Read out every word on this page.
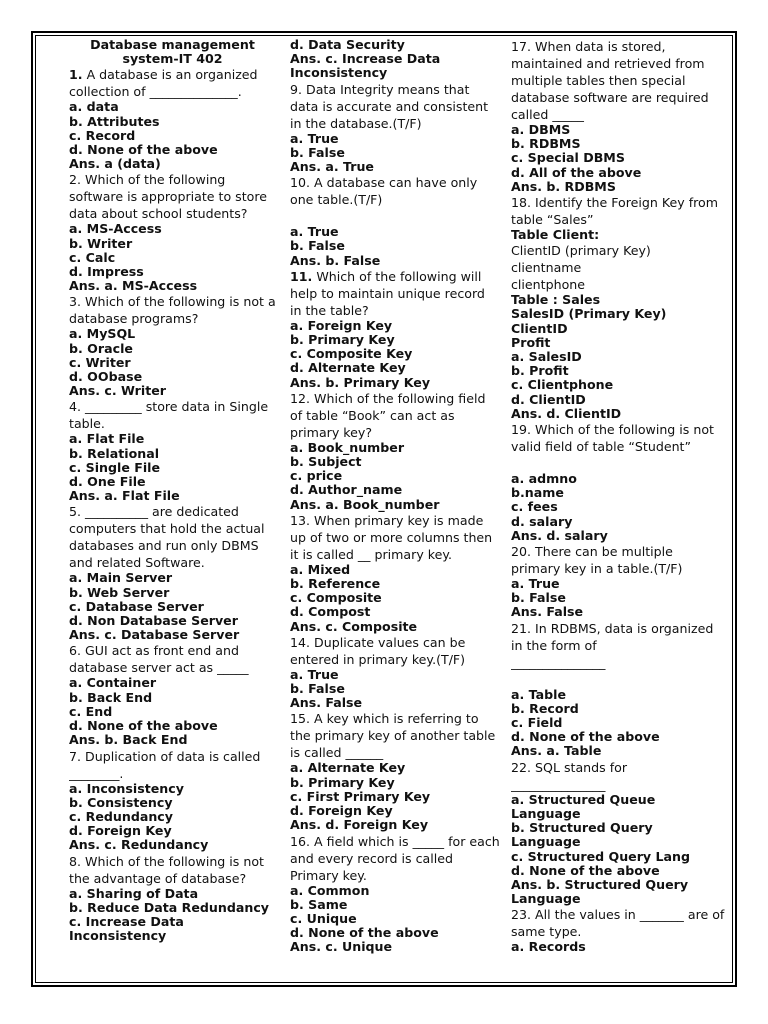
Database management
system-IT 402
1. A database is an organized collection of ______________.
a. data
b. Attributes
c. Record
d. None of the above
Ans. a (data)
2. Which of the following software is appropriate to store data about school students?
a. MS-Access
b. Writer
c. Calc
d. Impress
Ans. a. MS-Access
3. Which of the following is not a database programs?
a. MySQL
b. Oracle
c. Writer
d. OObase
Ans. c. Writer
4. _________ store data in Single table.
a. Flat File
b. Relational
c. Single File
d. One File
Ans. a. Flat File
5. __________ are dedicated computers that hold the actual databases and run only DBMS and related Software.
a. Main Server
b. Web Server
c. Database Server
d. Non Database Server
Ans. c. Database Server
6. GUI act as front end and database server act as _____
a. Container
b. Back End
c. End
d. None of the above
Ans. b. Back End
7. Duplication of data is called ________.
a. Inconsistency
b. Consistency
c. Redundancy
d. Foreign Key
Ans. c. Redundancy
8. Which of the following is not the advantage of database?
a. Sharing of Data
b. Reduce Data Redundancy
c. Increase Data Inconsistency
d. Data Security
Ans. c. Increase Data Inconsistency
9. Data Integrity means that data is accurate and consistent in the database.(T/F)
a. True
b. False
Ans. a. True
10. A database can have only one table.(T/F)
a. True
b. False
Ans. b. False
11. Which of the following will help to maintain unique record in the table?
a. Foreign Key
b. Primary Key
c. Composite Key
d. Alternate Key
Ans. b. Primary Key
12. Which of the following field of table “Book” can act as primary key?
a. Book_number
b. Subject
c. price
d. Author_name
Ans. a. Book_number
13. When primary key is made up of two or more columns then it is called __ primary key.
a. Mixed
b. Reference
c. Composite
d. Compost
Ans. c. Composite
14. Duplicate values can be entered in primary key.(T/F)
a. True
b. False
Ans. False
15. A key which is referring to the primary key of another table is called ______
a. Alternate Key
b. Primary Key
c. First Primary Key
d. Foreign Key
Ans. d. Foreign Key
16. A field which is _____ for each and every record is called Primary key.
a. Common
b. Same
c. Unique
d. None of the above
Ans. c. Unique
17. When data is stored, maintained and retrieved from multiple tables then special database software are required called _____
a. DBMS
b. RDBMS
c. Special DBMS
d. All of the above
Ans. b. RDBMS
18. Identify the Foreign Key from table “Sales”
Table Client:
ClientID (primary Key)
clientname
clientphone
Table : Sales
SalesID (Primary Key)
ClientID
Profit
a. SalesID
b. Profit
c. Clientphone
d. ClientID
Ans. d. ClientID
19. Which of the following is not valid field of table “Student”
a. admno
b.name
c. fees
d. salary
Ans. d. salary
20. There can be multiple primary key in a table.(T/F)
a. True
b. False
Ans. False
21. In RDBMS, data is organized in the form of
_______________
a. Table
b. Record
c. Field
d. None of the above
Ans. a. Table
22. SQL stands for _______________
a. Structured Queue Language
b. Structured Query Language
c. Structured Query Lang
d. None of the above
Ans. b. Structured Query Language
23. All the values in _______ are of same type.
a. Records
